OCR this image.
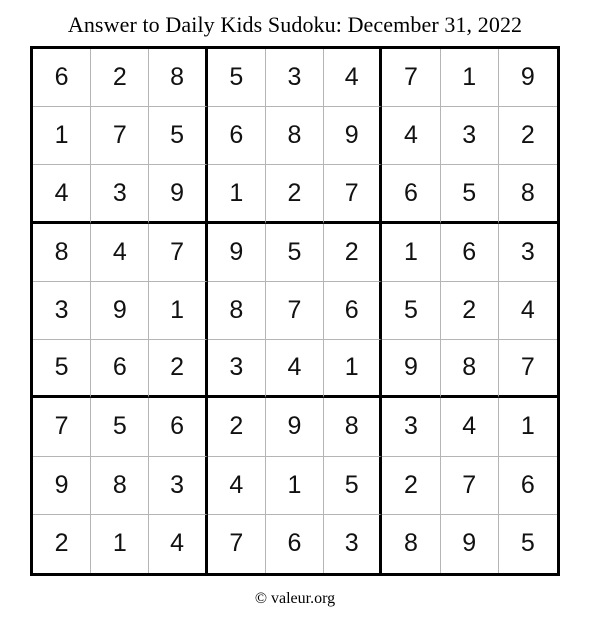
Answer to Daily Kids Sudoku: December 31, 2022
6	2	8	5	3	4	7	1	9
1	7	5	6	8	9	4	3	2
4	3	9	1	2	7	6	5	8
8	4	7	9	5	2	1	6	3
3	9	1	8	7	6	5	2	4
5	6	2	3	4	1	9	8	7
7	5	6	2	9	8	3	4	1
9	8	3	4	1	5	2	7	6
2	1	4	7	6	3	8	9	5
© valeur.org
